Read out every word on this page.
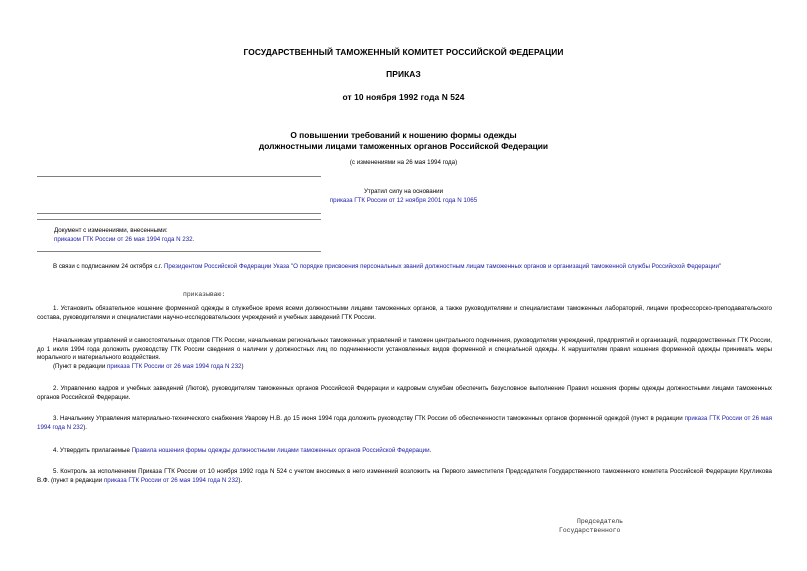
ГОСУДАРСТВЕННЫЙ ТАМОЖЕННЫЙ КОМИТЕТ РОССИЙСКОЙ ФЕДЕРАЦИИ
ПРИКАЗ
от 10 ноября 1992 года N 524
О повышении требований к ношению формы одежды
должностными лицами таможенных органов Российской Федерации
(с изменениями на 26 мая 1994 года)
Утратил силу на основании
приказа ГТК России от 12 ноября 2001 года N 1065
Документ с изменениями, внесенными:
приказом ГТК России от 26 мая 1994 года N 232.
В связи с подписанием 24 октября с.г. Президентом Российской Федерации Указа "О порядке присвоения персональных званий должностным лицам таможенных органов и организаций таможенной службы Российской Федерации"
приказываю:
1. Установить обязательное ношение форменной одежды в служебное время всеми должностными лицами таможенных органов, а также руководителями и специалистами таможенных лабораторий, лицами профессорско-преподавательского состава, руководителями и специалистами научно-исследовательских учреждений и учебных заведений ГТК России.
Начальникам управлений и самостоятельных отделов ГТК России, начальникам региональных таможенных управлений и таможен центрального подчинения, руководителям учреждений, предприятий и организаций, подведомственных ГТК России, до 1 июля 1994 года доложить руководству ГТК России сведения о наличии у должностных лиц по подчиненности установленных видов форменной и специальной одежды. К нарушителям правил ношения форменной одежды принимать меры морального и материального воздействия.
(Пункт в редакции приказа ГТК России от 26 мая 1994 года N 232)
2. Управлению кадров и учебных заведений (Лютов), руководителям таможенных органов Российской Федерации и кадровым службам обеспечить безусловное выполнение Правил ношения формы одежды должностными лицами таможенных органов Российской Федерации.
3. Начальнику Управления материально-технического снабжения Уварову Н.В. до 15 июня 1994 года доложить руководству ГТК России об обеспеченности таможенных органов форменной одеждой (пункт в редакции приказа ГТК России от 26 мая 1994 года N 232).
4. Утвердить прилагаемые Правила ношения формы одежды должностными лицами таможенных органов Российской Федерации.
5. Контроль за исполнением Приказа ГТК России от 10 ноября 1992 года N 524 с учетом вносимых в него изменений возложить на Первого заместителя Председателя Государственного таможенного комитета Российской Федерации Кругликова В.Ф. (пункт в редакции приказа ГТК России от 26 мая 1994 года N 232).
Председатель
Государственного
